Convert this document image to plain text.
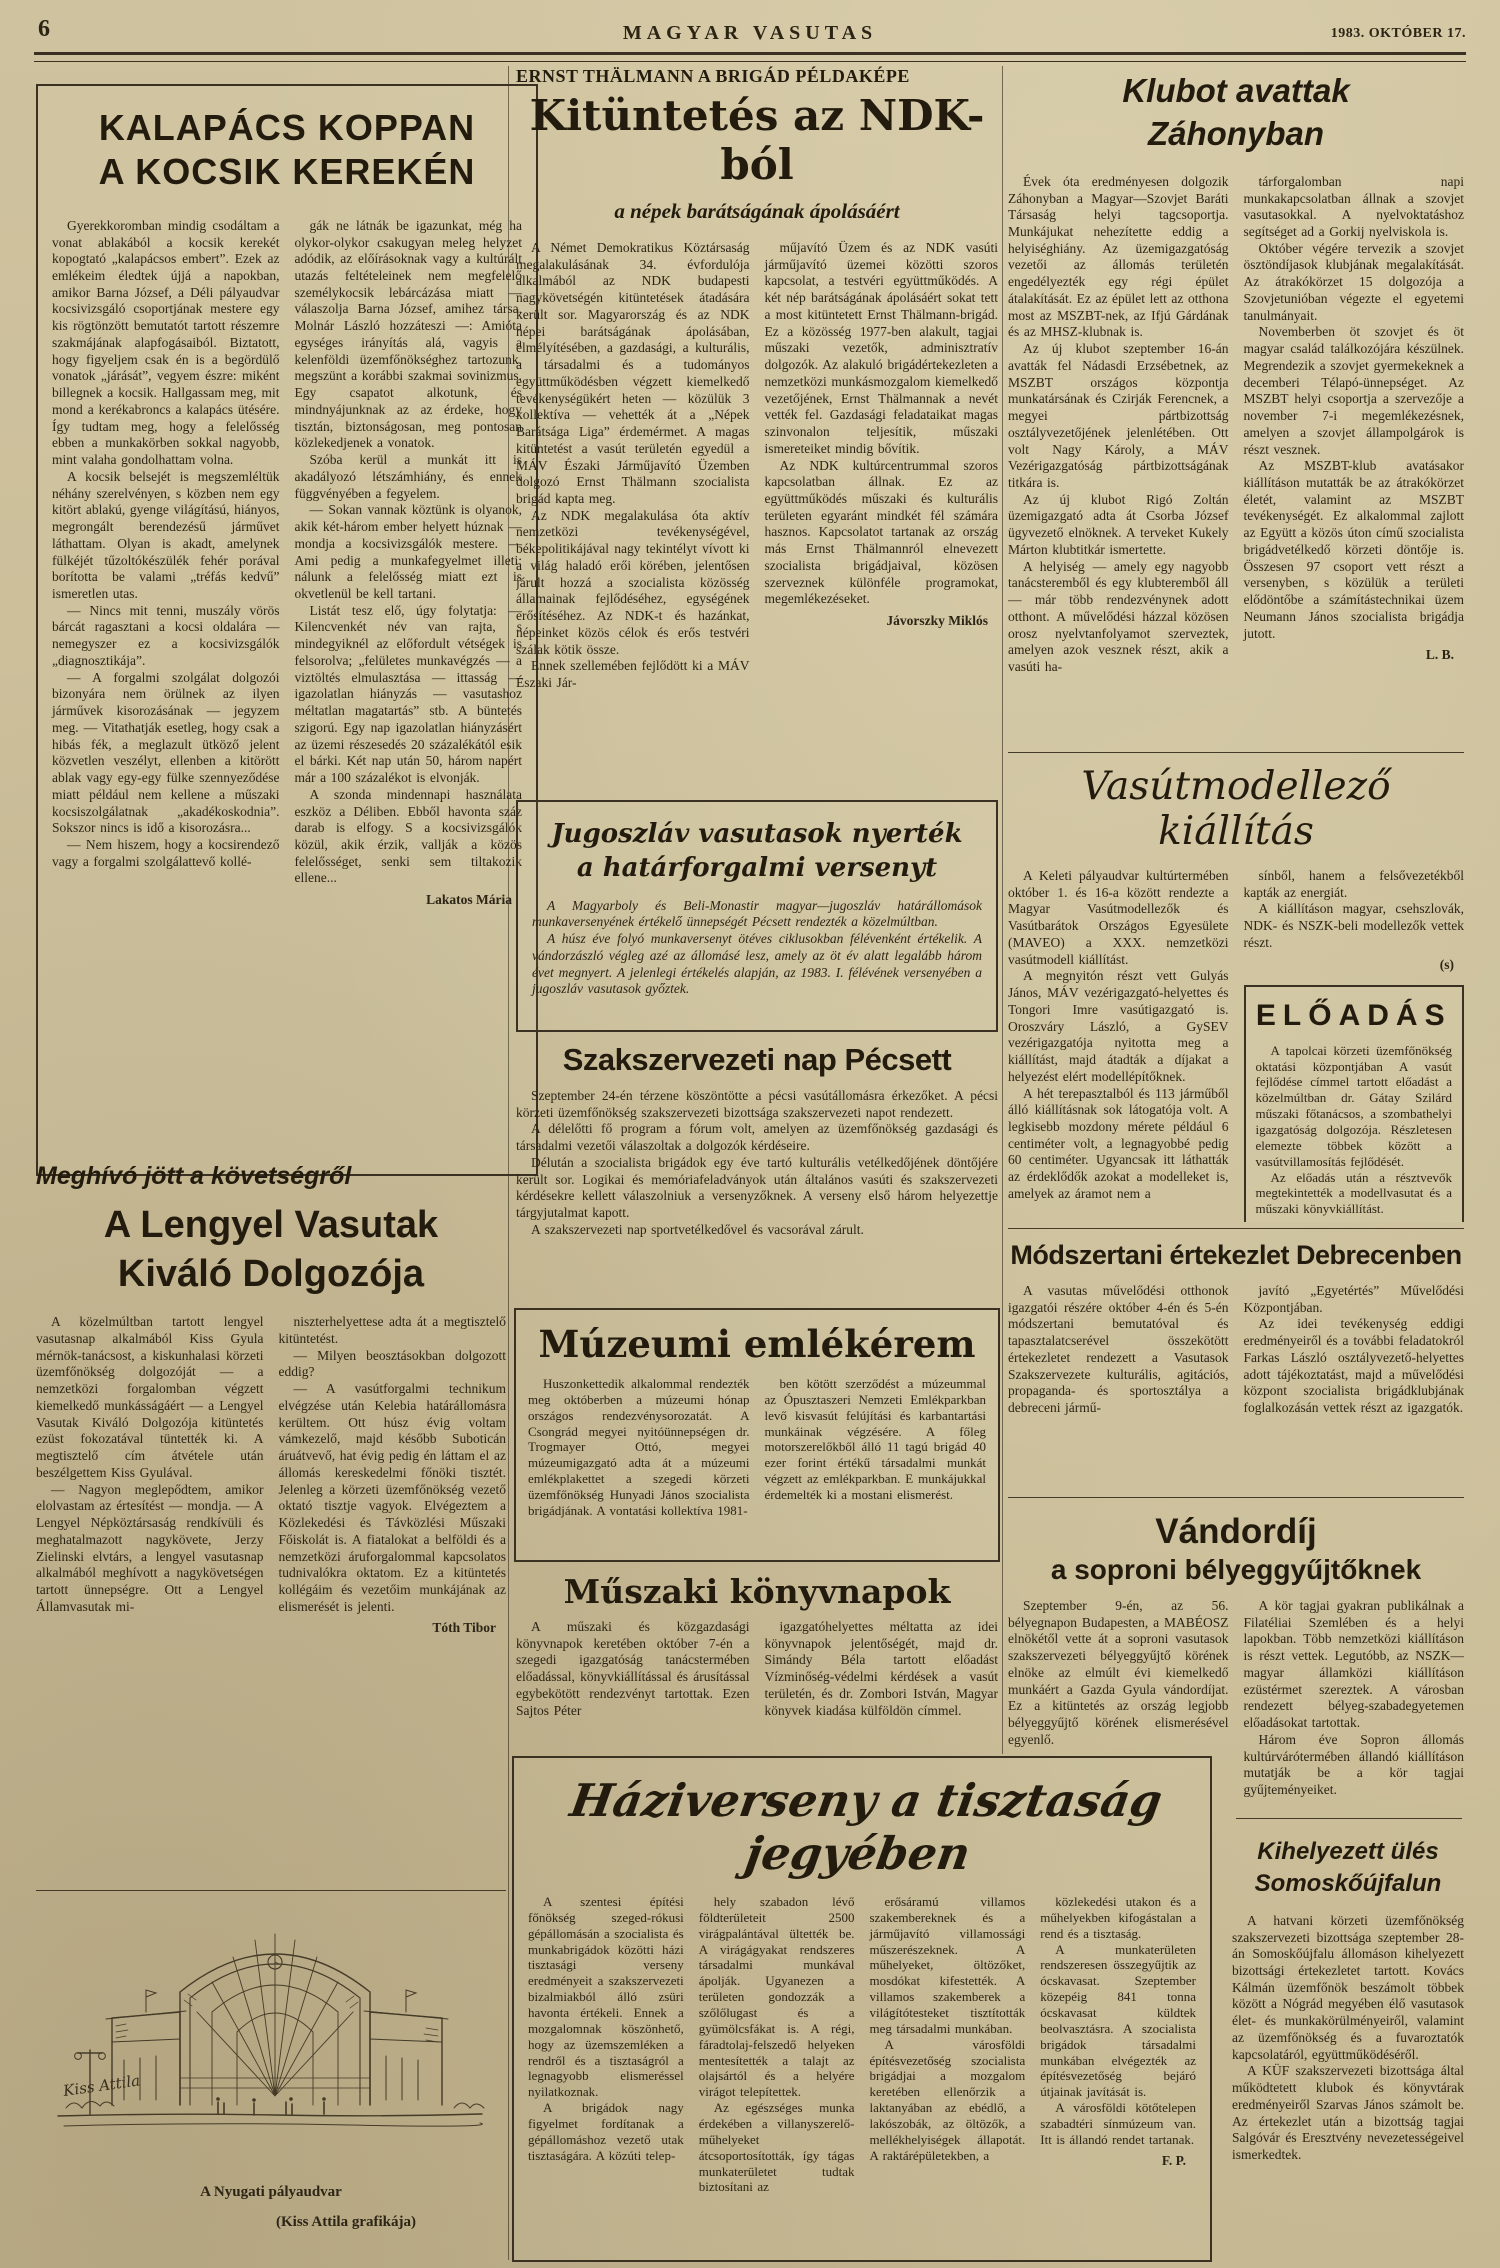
6	MAGYAR VASUTAS	1983. OKTÓBER 17.
KALAPÁCS KOPPAN
A KOCSIK KEREKÉN

Gyerekkoromban mindig csodáltam a vonat ablakából a kocsik kerekét kopogtató „kalapácsos embert”. Ezek az emlékeim éledtek újjá a napokban, amikor Barna József, a Déli pályaudvar kocsivizsgáló csoportjának mestere egy kis rögtönzött bemutatót tartott részemre szakmájának alapfogásaiból. Biztatott, hogy figyeljem csak én is a begördülő vonatok „járását”, vegyem észre: miként billegnek a kocsik. Hallgassam meg, mit mond a kerékabroncs a kalapács ütésére. Így tudtam meg, hogy a felelősség ebben a munkakörben sokkal nagyobb, mint valaha gondolhattam volna.

A kocsik belsejét is megszemléltük néhány szerelvényen, s közben nem egy kitört ablakú, gyenge világítású, hiányos, megrongált berendezésű járművet láthattam. Olyan is akadt, amelynek fülkéjét tűzoltókészülék fehér porával borította be valami „tréfás kedvű” ismeretlen utas.

— Nincs mit tenni, muszály vörös bárcát ragasztani a kocsi oldalára — nemegyszer ez a kocsivizsgálók „diagnosztikája”.

— A forgalmi szolgálat dolgozói bizonyára nem örülnek az ilyen járművek kisorozásának — jegyzem meg. — Vitathatják esetleg, hogy csak a hibás fék, a meglazult ütköző jelent közvetlen veszélyt, ellenben a kitörött ablak vagy egy-egy fülke szennyeződése miatt például nem kellene a műszaki kocsiszolgálatnak „akadékoskodnia”. Sokszor nincs is idő a kisorozásra...

— Nem hiszem, hogy a kocsirendező vagy a forgalmi szolgálattevő kollé-

gák ne látnák be igazunkat, még ha olykor-olykor csakugyan meleg helyzet adódik, az előírásoknak vagy a kultúrált utazás feltételeinek nem megfelelő személykocsik lebárcázása miatt — válaszolja Barna József, amihez társa, Molnár László hozzáteszi —: Amióta egységes irányítás alá, vagyis a kelenföldi üzemfőnökséghez tartozunk, megszünt a korábbi szakmai sovinizmus. Egy csapatot alkotunk, és mindnyájunknak az az érdeke, hogy tisztán, biztonságosan, meg pontosan közlekedjenek a vonatok.

Szóba kerül a munkát itt is akadályozó létszámhiány, és ennek függvényében a fegyelem.

— Sokan vannak köztünk is olyanok, akik két-három ember helyett húznak — mondja a kocsivizsgálók mestere. — Ami pedig a munkafegyelmet illeti: nálunk a felelősség miatt ezt is okvetlenül be kell tartani.

Listát tesz elő, úgy folytatja: — Kilencvenkét név van rajta, s mindegyiknél az előfordult vétségek is felsorolva; „felületes munkavégzés — a viztöltés elmulasztása — ittasság — igazolatlan hiányzás — vasutashoz méltatlan magatartás” stb. A büntetés szigorú. Egy nap igazolatlan hiányzásért az üzemi részesedés 20 százalékától esik el bárki. Két nap után 50, három napért már a 100 százalékot is elvonják.

A szonda mindennapi használata eszköz a Déliben. Ebből havonta száz darab is elfogy. S a kocsivizsgálók közül, akik érzik, vallják a közös felelősséget, senki sem tiltakozik ellene...

Lakatos Mária
Meghívó jött a követségről
A Lengyel Vasutak
Kiváló Dolgozója

A közelmúltban tartott lengyel vasutasnap alkalmából Kiss Gyula mérnök-tanácsost, a kiskunhalasi körzeti üzemfőnökség dolgozóját — a nemzetközi forgalomban végzett kiemelkedő munkásságáért — a Lengyel Vasutak Kiváló Dolgozója kitüntetés ezüst fokozatával tüntették ki. A megtisztelő cím átvétele után beszélgettem Kiss Gyulával.

— Nagyon meglepődtem, amikor elolvastam az értesítést — mondja. — A Lengyel Népköztársaság rendkívüli és meghatalmazott nagykövete, Jerzy Zielinski elvtárs, a lengyel vasutasnap alkalmából meghívott a nagykövetségen tartott ünnepségre. Ott a Lengyel Államvasutak mi-

niszterhelyettese adta át a megtisztelő kitüntetést.

— Milyen beosztásokban dolgozott eddig?

— A vasútforgalmi technikum elvégzése után Kelebia határállomásra kerültem. Ott húsz évig voltam vámkezelő, majd később Suboticán áruátvevő, hat évig pedig én láttam el az állomás kereskedelmi főnöki tisztét. Jelenleg a körzeti üzemfőnökség vezető oktató tisztje vagyok. Elvégeztem a Közlekedési és Távközlési Műszaki Főiskolát is. A fiatalokat a belföldi és a nemzetközi áruforgalommal kapcsolatos tudnivalókra oktatom. Ez a kitüntetés kollégáim és vezetőim munkájának az elismerését is jelenti.

Tóth Tibor
Kiss Attila
A Nyugati pályaudvar
(Kiss Attila grafikája)
ERNST THÄLMANN A BRIGÁD PÉLDAKÉPE
Kitüntetés az NDK-ból
a népek barátságának ápolásáért

A Német Demokratikus Köztársaság megalakulásának 34. évfordulója alkalmából az NDK budapesti nagykövetségén kitüntetések átadására került sor. Magyarország és az NDK népei barátságának ápolásában, elmélyítésében, a gazdasági, a kulturális, a társadalmi és a tudományos együttműködésben végzett kiemelkedő tevékenységükért heten — közülük 3 kollektíva — vehették át a „Népek Barátsága Liga” érdemérmet. A magas kitüntetést a vasút területén egyedül a MÁV Északi Járműjavító Üzemben dolgozó Ernst Thälmann szocialista brigád kapta meg.

Az NDK megalakulása óta aktív nemzetközi tevékenységével, békepolitikájával nagy tekintélyt vívott ki a világ haladó erői körében, jelentősen járult hozzá a szocialista közösség államainak fejlődéséhez, egységének erősítéséhez. Az NDK-t és hazánkat, népeinket közös célok és erős testvéri szálak kötik össze.

Ennek szellemében fejlődött ki a MÁV Északi Jár-

műjavító Üzem és az NDK vasúti járműjavító üzemei közötti szoros kapcsolat, a testvéri együttműködés. A két nép barátságának ápolásáért sokat tett a most kitüntetett Ernst Thälmann-brigád. Ez a közösség 1977-ben alakult, tagjai műszaki vezetők, adminisztratív dolgozók. Az alakuló brigádértekezleten a nemzetközi munkásmozgalom kiemelkedő vezetőjének, Ernst Thälmannak a nevét vették fel. Gazdasági feladataikat magas szinvonalon teljesítik, műszaki ismereteiket mindig bővítik.

Az NDK kultúrcentrummal szoros kapcsolatban állnak. Ez az együttműködés műszaki és kulturális területen egyaránt mindkét fél számára hasznos. Kapcsolatot tartanak az ország más Ernst Thälmannról elnevezett szocialista brigádjaival, közösen szerveznek különféle programokat, megemlékezéseket.

Jávorszky Miklós
Jugoszláv vasutasok nyerték
a határforgalmi versenyt

A Magyarboly és Beli-Monastir magyar—jugoszláv határállomások munkaversenyének értékelő ünnepségét Pécsett rendezték a közelmúltban.

A húsz éve folyó munkaversenyt ötéves ciklusokban félévenként értékelik. A vándorzászló végleg azé az állomásé lesz, amely az öt év alatt legalább három évet megnyert. A jelenlegi értékelés alapján, az 1983. I. félévének versenyében a jugoszláv vasutasok győztek.

Szakszervezeti nap Pécsett

Szeptember 24-én térzene köszöntötte a pécsi vasútállomásra érkezőket. A pécsi körzeti üzemfőnökség szakszervezeti bizottsága szakszervezeti napot rendezett.

A délelőtti fő program a fórum volt, amelyen az üzemfőnökség gazdasági és társadalmi vezetői válaszoltak a dolgozók kérdéseire.

Délután a szocialista brigádok egy éve tartó kulturális vetélkedőjének döntőjére került sor. Logikai és memóriafeladványok után általános vasúti és szakszervezeti kérdésekre kellett válaszolniuk a versenyzőknek. A verseny első három helyezettje tárgyjutalmat kapott.

A szakszervezeti nap sportvetélkedővel és vacsorával zárult.

Múzeumi emlékérem

Huszonkettedik alkalommal rendezték meg októberben a múzeumi hónap országos rendezvénysorozatát. A Csongrád megyei nyitóünnepségen dr. Trogmayer Ottó, megyei múzeumigazgató adta át a múzeumi emlékplakettet a szegedi körzeti üzemfőnökség Hunyadi János szocialista brigádjának. A vontatási kollektíva 1981-

ben kötött szerződést a múzeummal az Ópusztaszeri Nemzeti Emlékparkban levő kisvasút felújítási és karbantartási munkáinak végzésére. A főleg motorszerelőkből álló 11 tagú brigád 40 ezer forint értékű társadalmi munkát végzett az emlékparkban. E munkájukkal érdemelték ki a mostani elismerést.

Műszaki könyvnapok

A műszaki és közgazdasági könyvnapok keretében október 7-én a szegedi igazgatóság tanácstermében előadással, könyvkiállítással és árusítással egybekötött rendezvényt tartottak. Ezen Sajtos Péter

igazgatóhelyettes méltatta az idei könyvnapok jelentőségét, majd dr. Simándy Béla tartott előadást Vízminőség-védelmi kérdések a vasút területén, és dr. Zombori István, Magyar könyvek kiadása külföldön címmel.

Háziverseny a tisztaság jegyében

A szentesi építési főnökség szeged-rókusi gépállomásán a szocialista és munkabrigádok közötti házi tisztasági verseny eredményeit a szakszervezeti bizalmiakból álló zsüri havonta értékeli. Ennek a mozgalomnak köszönhető, hogy az üzemszemléken a rendről és a tisztaságról a legnagyobb elismeréssel nyilatkoznak.

A brigádok nagy figyelmet fordítanak a gépállomáshoz vezető utak tisztaságára. A közúti telep-

hely szabadon lévő földterületeit 2500 virágpalántával ültették be. A virágágyakat rendszeres társadalmi munkával ápolják. Ugyanezen a területen gondozzák a szőlőlugast és a gyümölcsfákat is. A régi, fáradtolaj-felszedő helyeken mentesítették a talajt az olajsártól és a helyére virágot telepítettek.

Az egészséges munka érdekében a villanyszerelő-műhelyeket átcsoportosították, így tágas munkaterületet tudtak biztosítani az

erősáramú villamos szakembereknek és a járműjavító villamossági műszerészeknek. A műhelyeket, öltözőket, mosdókat kifestették. A villamos szakemberek a világítótesteket tisztították meg társadalmi munkában.

A városföldi építésvezetőség szocialista brigádjai a mozgalom keretében ellenőrzik a laktanyában az ebédlő, a lakószobák, az öltözők, a mellékhelyiségek állapotát. A raktárépületekben, a

közlekedési utakon és a műhelyekben kifogástalan a rend és a tisztaság.

A munkaterületen rendszeresen összegyűjtik az ócskavasat. Szeptember közepéig 841 tonna ócskavasat küldtek beolvasztásra. A szocialista brigádok társadalmi munkában elvégezték az építésvezetőség bejáró útjainak javítását is.

A városföldi kötőtelepen szabadtéri sínmúzeum van. Itt is állandó rendet tartanak.

F. P.
Klubot avattak
Záhonyban

Évek óta eredményesen dolgozik Záhonyban a Magyar—Szovjet Baráti Társaság helyi tagcsoportja. Munkájukat nehezítette eddig a helyiséghiány. Az üzemigazgatóság vezetői az állomás területén engedélyezték egy régi épület átalakítását. Ez az épület lett az otthona most az MSZBT-nek, az Ifjú Gárdának és az MHSZ-klubnak is.

Az új klubot szeptember 16-án avatták fel Nádasdi Erzsébetnek, az MSZBT országos központja munkatársának és Czirják Ferencnek, a megyei pártbizottság osztályvezetőjének jelenlétében. Ott volt Nagy Károly, a MÁV Vezérigazgatóság pártbizottságának titkára is.

Az új klubot Rigó Zoltán üzemigazgató adta át Csorba József ügyvezető elnöknek. A terveket Kukely Márton klubtitkár ismertette.

A helyiség — amely egy nagyobb tanácsteremből és egy klubteremből áll — már több rendezvénynek adott otthont. A művelődési házzal közösen orosz nyelvtanfolyamot szerveztek, amelyen azok vesznek részt, akik a vasúti ha-

tárforgalomban napi munkakapcsolatban állnak a szovjet vasutasokkal. A nyelvoktatáshoz segítséget ad a Gorkij nyelviskola is.

Október végére tervezik a szovjet ösztöndíjasok klubjának megalakítását. Az átrakókörzet 15 dolgozója a Szovjetunióban végezte el egyetemi tanulmányait.

Novemberben öt szovjet és öt magyar család találkozójára készülnek. Megrendezik a szovjet gyermekeknek a decemberi Télapó-ünnepséget. Az MSZBT helyi csoportja a szervezője a november 7-i megemlékezésnek, amelyen a szovjet állampolgárok is részt vesznek.

Az MSZBT-klub avatásakor kiállításon mutatták be az átrakókörzet életét, valamint az MSZBT tevékenységét. Ez alkalommal zajlott az Együtt a közös úton című szocialista brigádvetélkedő körzeti döntője is. Összesen 97 csoport vett részt a versenyben, s közülük a területi elődöntőbe a számítástechnikai üzem Neumann János szocialista brigádja jutott.

L. B.
Vasútmodellező kiállítás

A Keleti pályaudvar kultúrtermében október 1. és 16-a között rendezte a Magyar Vasútmodellezők és Vasútbarátok Országos Egyesülete (MAVEO) a XXX. nemzetközi vasútmodell kiállítást.

A megnyitón részt vett Gulyás János, MÁV vezérigazgató-helyettes és Tongori Imre vasútigazgató is. Oroszváry László, a GySEV vezérigazgatója nyitotta meg a kiállítást, majd átadták a díjakat a helyezést elért modellépítőknek.

A hét terepasztalból és 113 járműből álló kiállításnak sok látogatója volt. A legkisebb mozdony mérete például 6 centiméter volt, a legnagyobbé pedig 60 centiméter. Ugyancsak itt láthatták az érdeklődők azokat a modelleket is, amelyek az áramot nem a

sínből, hanem a felsővezetékből kapták az energiát.

A kiállításon magyar, csehszlovák, NDK- és NSZK-beli modellezők vettek részt.

(s)
ELŐADÁS

A tapolcai körzeti üzemfőnökség oktatási központjában A vasút fejlődése címmel tartott előadást a közelmúltban dr. Gátay Szilárd műszaki főtanácsos, a szombathelyi igazgatóság dolgozója. Részletesen elemezte többek között a vasútvillamosítás fejlődését.

Az előadás után a résztvevők megtekintették a modellvasutat és a műszaki könyvkiállítást.

Módszertani értekezlet Debrecenben

A vasutas művelődési otthonok igazgatói részére október 4-én és 5-én módszertani bemutatóval és tapasztalatcserével összekötött értekezletet rendezett a Vasutasok Szakszervezete kulturális, agitációs, propaganda- és sportosztálya a debreceni jármű-

javító „Egyetértés” Művelődési Központjában.

Az idei tevékenység eddigi eredményeiről és a további feladatokról Farkas László osztályvezető-helyettes adott tájékoztatást, majd a művelődési központ szocialista brigádklubjának foglalkozásán vettek részt az igazgatók.

Vándordíj
a soproni bélyeggyűjtőknek

Szeptember 9-én, az 56. bélyegnapon Budapesten, a MABÉOSZ elnökétől vette át a soproni vasutasok szakszervezeti bélyeggyűjtő körének elnöke az elmúlt évi kiemelkedő munkáért a Gazda Gyula vándordíjat. Ez a kitüntetés az ország legjobb bélyeggyűjtő körének elismerésével egyenlő.

A kör tagjai gyakran publikálnak a Filatéliai Szemlében és a helyi lapokban. Több nemzetközi kiállításon is részt vettek. Legutóbb, az NSZK—magyar államközi kiállításon ezüstérmet szereztek. A városban rendezett bélyeg-szabadegyetemen előadásokat tartottak.

Három éve Sopron állomás kultúrvárótermében állandó kiállításon mutatják be a kör tagjai gyűjteményeiket.

Kihelyezett ülés
Somoskőújfalun

A hatvani körzeti üzemfőnökség szakszervezeti bizottsága szeptember 28-án Somoskőújfalu állomáson kihelyezett bizottsági értekezletet tartott. Kovács Kálmán üzemfőnök beszámolt többek között a Nógrád megyében élő vasutasok élet- és munkakörülményeiről, valamint az üzemfőnökség és a fuvaroztatók kapcsolatáról, együttműködéséről.

A KÜF szakszervezeti bizottsága által működtetett klubok és könyvtárak eredményeiről Szarvas János számolt be. Az értekezlet után a bizottság tagjai Salgóvár és Eresztvény nevezetességeivel ismerkedtek.
